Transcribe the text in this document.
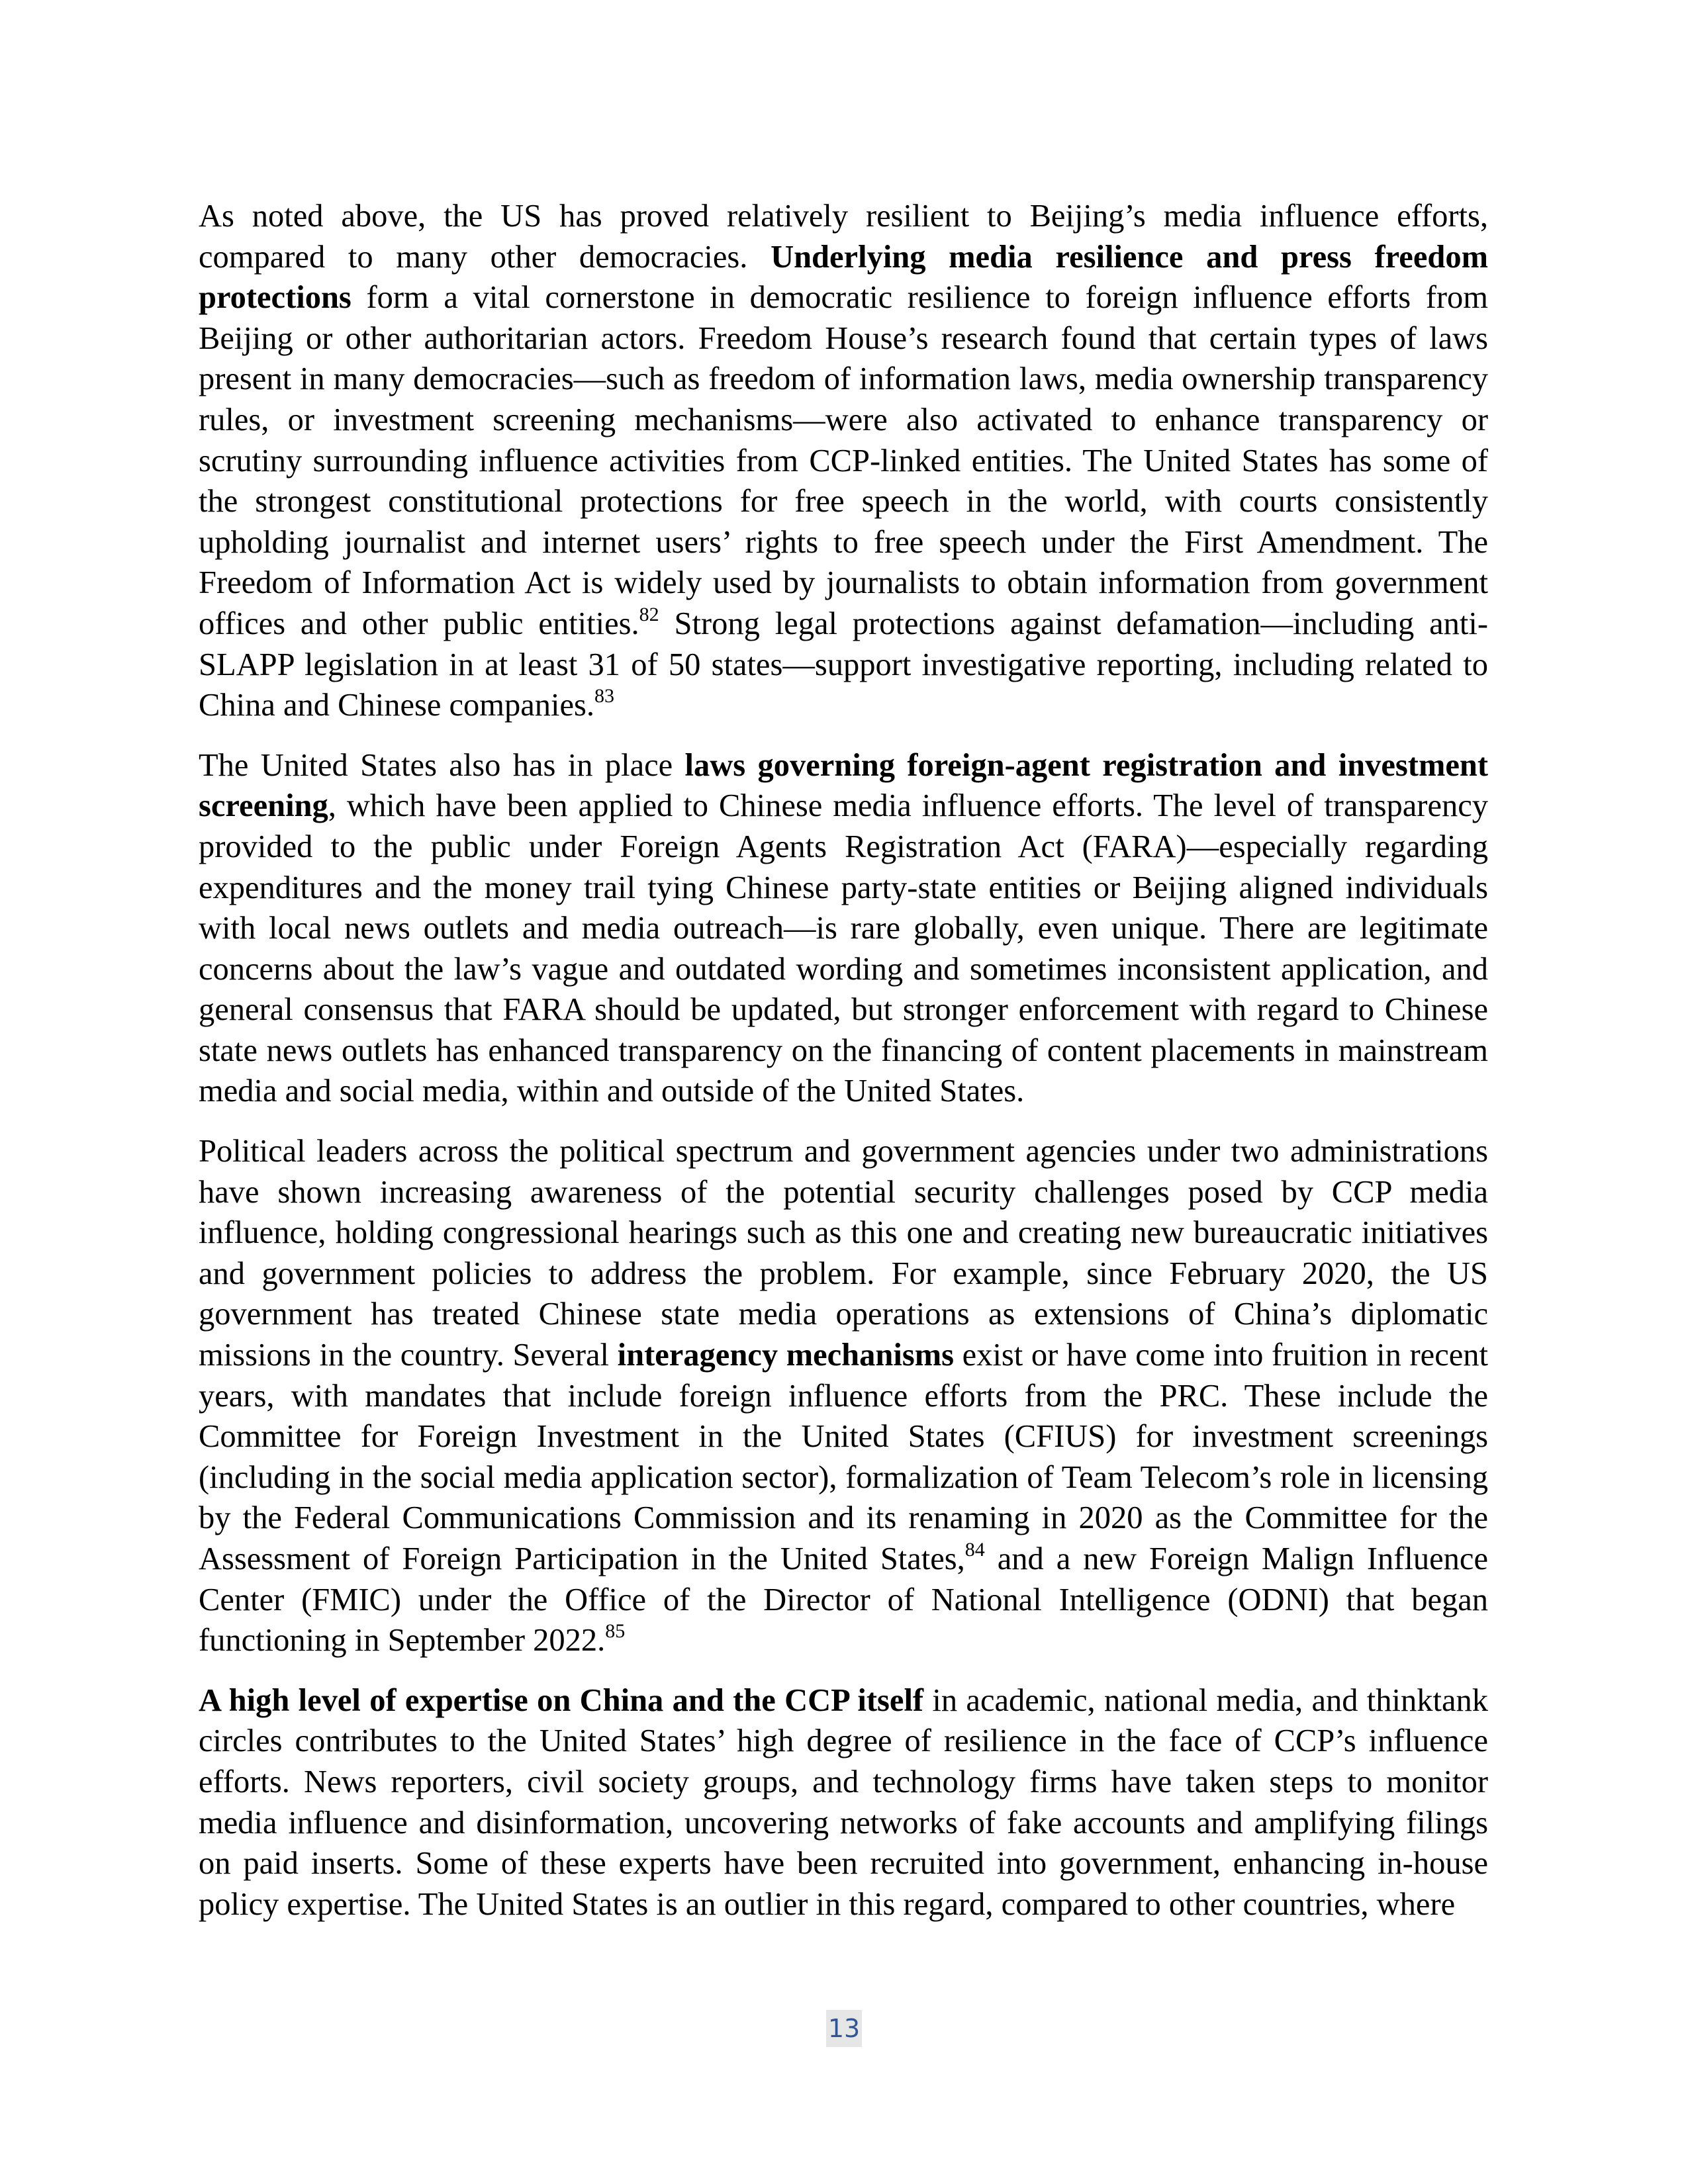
As noted above, the US has proved relatively resilient to Beijing’s media influence efforts, compared to many other democracies. Underlying media resilience and press freedom protections form a vital cornerstone in democratic resilience to foreign influence efforts from Beijing or other authoritarian actors. Freedom House’s research found that certain types of laws present in many democracies—such as freedom of information laws, media ownership transparency rules, or investment screening mechanisms—were also activated to enhance transparency or scrutiny surrounding influence activities from CCP-linked entities. The United States has some of the strongest constitutional protections for free speech in the world, with courts consistently upholding journalist and internet users’ rights to free speech under the First Amendment. The Freedom of Information Act is widely used by journalists to obtain information from government offices and other public entities.$^{82}$ Strong legal protections against defamation—including anti-SLAPP legislation in at least 31 of 50 states—support investigative reporting, including related to China and Chinese companies.$^{83}$

The United States also has in place laws governing foreign-agent registration and investment screening, which have been applied to Chinese media influence efforts. The level of transparency provided to the public under Foreign Agents Registration Act (FARA)—especially regarding expenditures and the money trail tying Chinese party-state entities or Beijing aligned individuals with local news outlets and media outreach—is rare globally, even unique. There are legitimate concerns about the law’s vague and outdated wording and sometimes inconsistent application, and general consensus that FARA should be updated, but stronger enforcement with regard to Chinese state news outlets has enhanced transparency on the financing of content placements in mainstream media and social media, within and outside of the United States.

Political leaders across the political spectrum and government agencies under two administrations have shown increasing awareness of the potential security challenges posed by CCP media influence, holding congressional hearings such as this one and creating new bureaucratic initiatives and government policies to address the problem. For example, since February 2020, the US government has treated Chinese state media operations as extensions of China’s diplomatic missions in the country. Several interagency mechanisms exist or have come into fruition in recent years, with mandates that include foreign influence efforts from the PRC. These include the Committee for Foreign Investment in the United States (CFIUS) for investment screenings (including in the social media application sector), formalization of Team Telecom’s role in licensing by the Federal Communications Commission and its renaming in 2020 as the Committee for the Assessment of Foreign Participation in the United States,$^{84}$ and a new Foreign Malign Influence Center (FMIC) under the Office of the Director of National Intelligence (ODNI) that began functioning in September 2022.85

A high level of expertise on China and the CCP itself in academic, national media, and thinktank circles contributes to the United States’ high degree of resilience in the face of CCP’s influence efforts. News reporters, civil society groups, and technology firms have taken steps to monitor media influence and disinformation, uncovering networks of fake accounts and amplifying filings on paid inserts. Some of these experts have been recruited into government, enhancing in-house policy expertise. The United States is an outlier in this regard, compared to other countries, where

13
